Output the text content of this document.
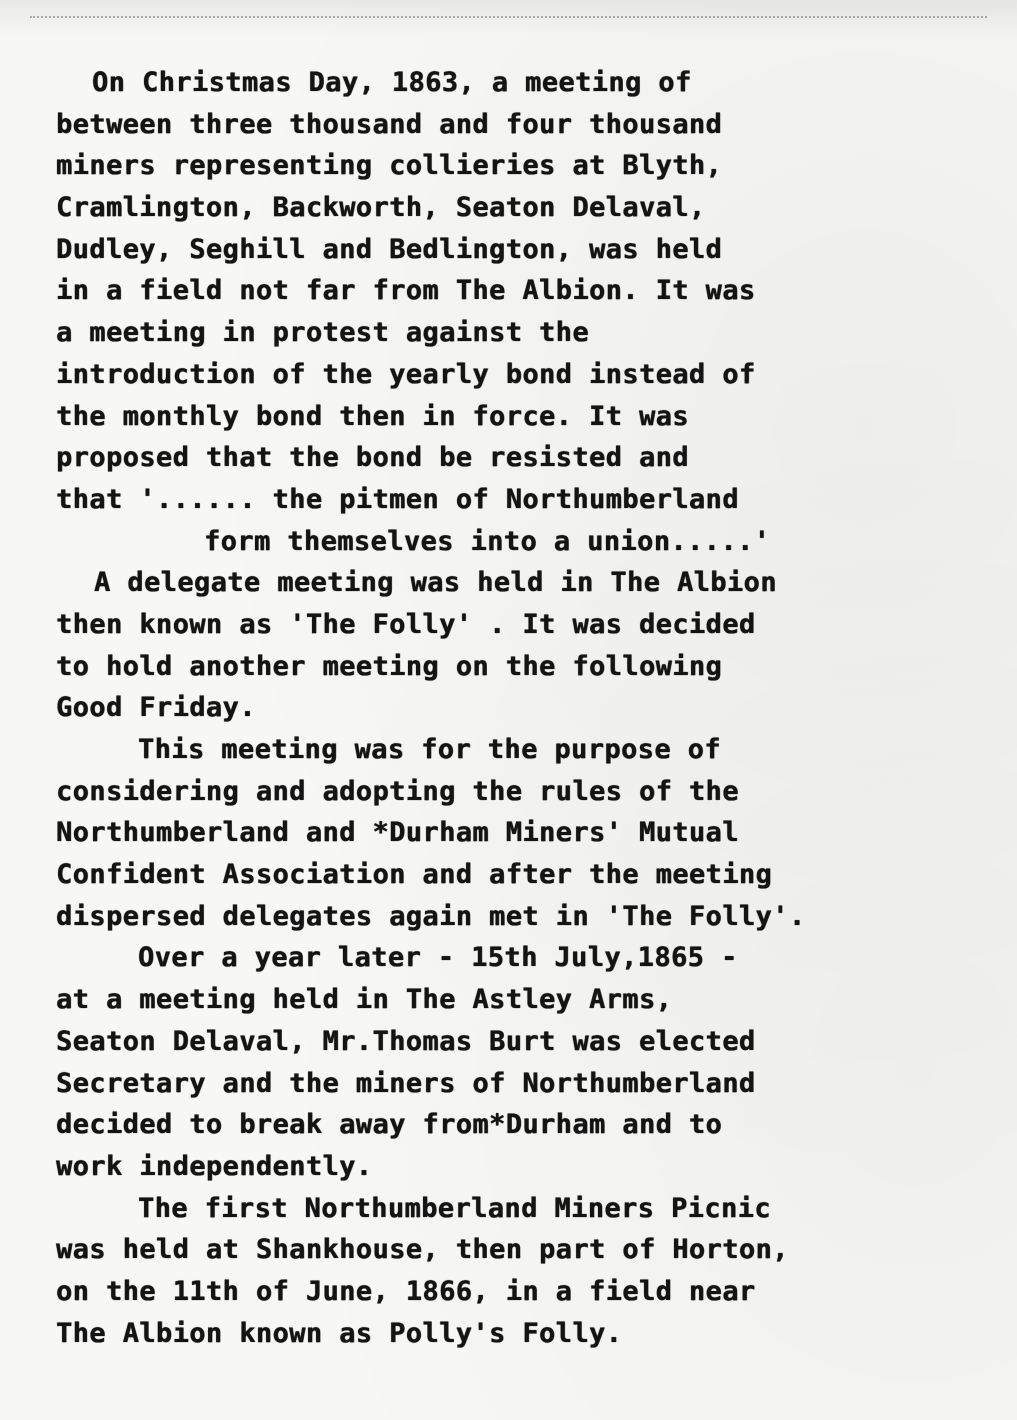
On Christmas Day, 1863, a meeting of
between three thousand and four thousand
miners representing collieries at Blyth,
Cramlington, Backworth, Seaton Delaval,
Dudley, Seghill and Bedlington, was held
in a field not far from The Albion. It was
a meeting in protest against the
introduction of the yearly bond instead of
the monthly bond then in force. It was
proposed that the bond be resisted and
that '...... the pitmen of Northumberland
form themselves into a union.....'
A delegate meeting was held in The Albion
then known as 'The Folly' . It was decided
to hold another meeting on the following
Good Friday.
This meeting was for the purpose of
considering and adopting the rules of the
Northumberland and *Durham Miners' Mutual
Confident Association and after the meeting
dispersed delegates again met in 'The Folly'.
Over a year later - 15th July,1865 -
at a meeting held in The Astley Arms,
Seaton Delaval, Mr.Thomas Burt was elected
Secretary and the miners of Northumberland
decided to break away from*Durham and to
work independently.
The first Northumberland Miners Picnic
was held at Shankhouse, then part of Horton,
on the 11th of June, 1866, in a field near
The Albion known as Polly's Folly.
